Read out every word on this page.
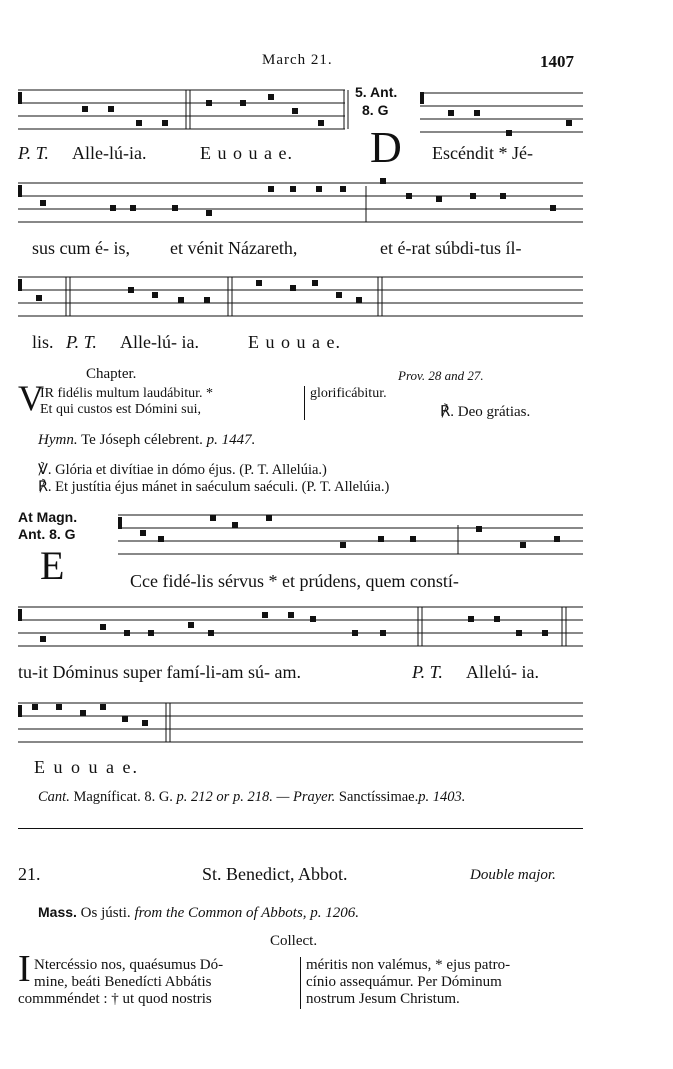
March 21.	1407
5. Ant.
8. G
P. T. Alle-lú-ia.	E u o u a e. D Escéndit * Jé-
sus cum é- is, et vénit Názareth,	et é-rat súbdi-tus íl-
lis. P. T. Alle-lú- ia.	E u o u a e.
Chapter.	Prov. 28 and 27.
V
IR fidélis multum laudábitur. *
Et qui custos est Dómini sui,
glorificábitur.
℟. Deo grátias.
Hymn. Te Jóseph célebrent. p. 1447.
℣. Glória et divítiae in dómo éjus. (P. T. Allelúia.)
℟. Et justítia éjus mánet in saéculum saéculi. (P. T. Allelúia.)
At Magn.
Ant. 8. G
E	Cce fidé-lis sérvus * et prúdens, quem constí-
tu-it Dóminus super famí-li-am sú- am.	P. T. Allelú- ia.
E u o u a e.
Cant. Magníficat. 8. G. p. 212 or p. 218. — Prayer. Sanctíssimae.p. 1403.
21.	St. Benedict, Abbot.	Double major.
Mass. Os jústi. from the Common of Abbots, p. 1206.
Collect.
I Ntercéssio nos, quaésumus Dó-
mine, beáti Benedícti Abbátis
commméndet : † ut quod nostris
méritis non valémus, * ejus patro-
cínio assequámur. Per Dóminum
nostrum Jesum Christum.
